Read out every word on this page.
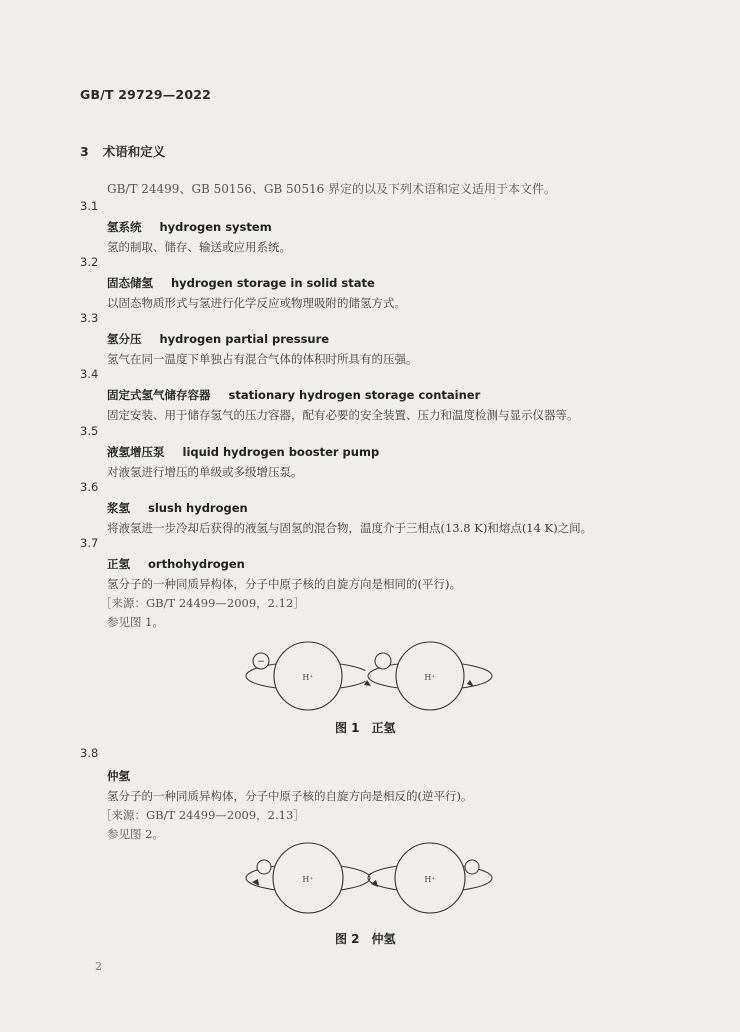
GB/T 29729—2022
3 术语和定义
GB/T 24499、GB 50156、GB 50516 界定的以及下列术语和定义适用于本文件。
3.1
氢系统 hydrogen system
氢的制取、储存、输送或应用系统。
3.2
固态储氢 hydrogen storage in solid state
以固态物质形式与氢进行化学反应或物理吸附的储氢方式。
3.3
氢分压 hydrogen partial pressure
氢气在同一温度下单独占有混合气体的体积时所具有的压强。
3.4
固定式氢气储存容器 stationary hydrogen storage container
固定安装、用于储存氢气的压力容器，配有必要的安全装置、压力和温度检测与显示仪器等。
3.5
液氢增压泵 liquid hydrogen booster pump
对液氢进行增压的单级或多级增压泵。
3.6
浆氢 slush hydrogen
将液氢进一步冷却后获得的液氢与固氢的混合物，温度介于三相点(13.8 K)和熔点(14 K)之间。
3.7
正氢 orthohydrogen
氢分子的一种同质异构体，分子中原子核的自旋方向是相同的(平行)。
［来源：GB/T 24499—2009，2.12］
参见图 1。
−
H⁺	H⁺
图 1　正氢
3.8
仲氢
氢分子的一种同质异构体，分子中原子核的自旋方向是相反的(逆平行)。
［来源：GB/T 24499—2009，2.13］
参见图 2。
H⁺	H⁺
图 2　仲氢
2
